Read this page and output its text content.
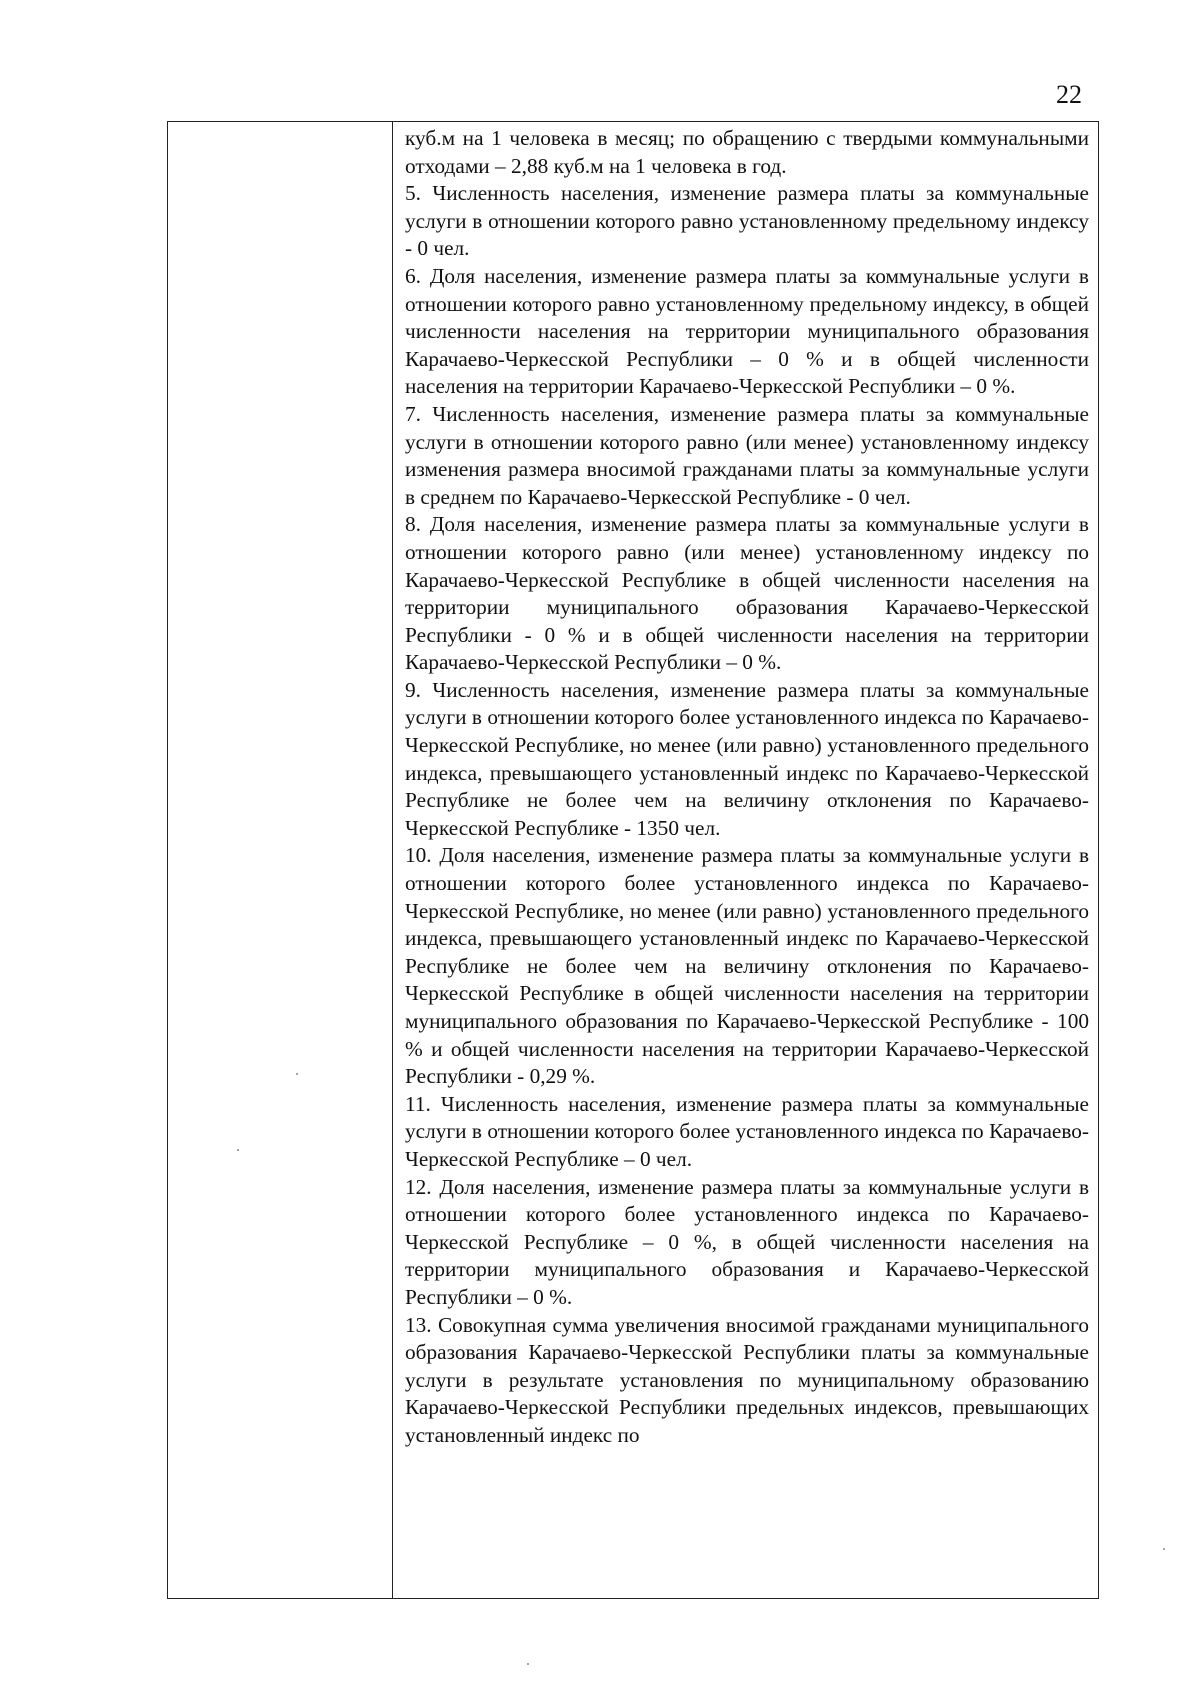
22

куб.м на 1 человека в месяц; по обращению с твердыми коммунальными отходами – 2,88 куб.м на 1 человека в год.

5. Численность населения, изменение размера платы за коммунальные услуги в отношении которого равно установленному предельному индексу - 0 чел.

6. Доля населения, изменение размера платы за коммунальные услуги в отношении которого равно установленному предельному индексу, в общей численности населения на территории муниципального образования Карачаево-Черкесской Республики – 0 % и в общей численности населения на территории Карачаево-Черкесской Республики – 0 %.

7. Численность населения, изменение размера платы за коммунальные услуги в отношении которого равно (или менее) установленному индексу изменения размера вносимой гражданами платы за коммунальные услуги в среднем по Карачаево-Черкесской Республике - 0 чел.

8. Доля населения, изменение размера платы за коммунальные услуги в отношении которого равно (или менее) установленному индексу по Карачаево-Черкесской Республике в общей численности населения на территории муниципального образования Карачаево-Черкесской Республики - 0 % и в общей численности населения на территории Карачаево-Черкесской Республики – 0 %.

9. Численность населения, изменение размера платы за коммунальные услуги в отношении которого более установленного индекса по Карачаево-Черкесской Республике, но менее (или равно) установленного предельного индекса, превышающего установленный индекс по Карачаево-Черкесской Республике не более чем на величину отклонения по Карачаево-Черкесской Республике - 1350 чел.

10. Доля населения, изменение размера платы за коммунальные услуги в отношении которого более установленного индекса по Карачаево-Черкесской Республике, но менее (или равно) установленного предельного индекса, превышающего установленный индекс по Карачаево-Черкесской Республике не более чем на величину отклонения по Карачаево-Черкесской Республике в общей численности населения на территории муниципального образования по Карачаево-Черкесской Республике - 100 % и общей численности населения на территории Карачаево-Черкесской Республики - 0,29 %.

11. Численность населения, изменение размера платы за коммунальные услуги в отношении которого более установленного индекса по Карачаево-Черкесской Республике – 0 чел.

12. Доля населения, изменение размера платы за коммунальные услуги в отношении которого более установленного индекса по Карачаево-Черкесской Республике – 0 %, в общей численности населения на территории муниципального образования и Карачаево-Черкесской Республики – 0 %.

13. Совокупная сумма увеличения вносимой гражданами муниципального образования Карачаево-Черкесской Республики платы за коммунальные услуги в результате установления по муниципальному образованию Карачаево-Черкесской Республики предельных индексов, превышающих установленный индекс по
